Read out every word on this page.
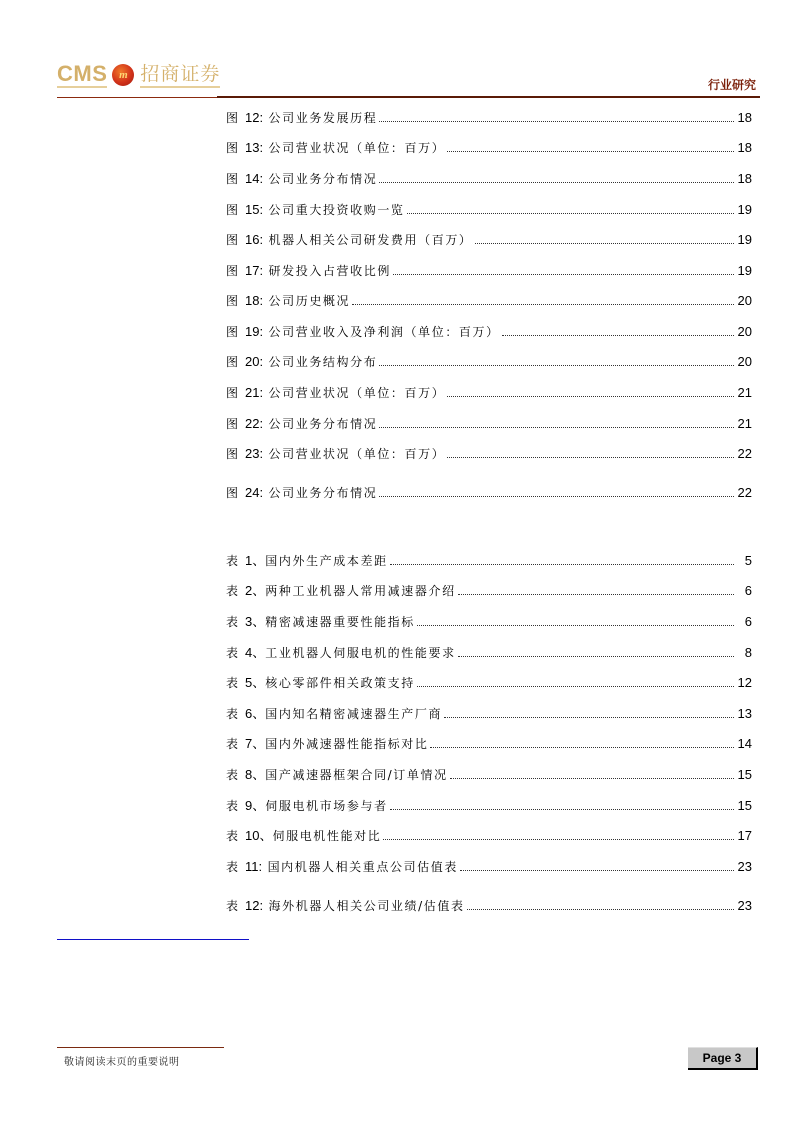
CMS	m 招商证券	行业研究
图 12: 公司业务发展历程	18
图 13: 公司营业状况（单位：百万）	18
图 14: 公司业务分布情况	18
图 15: 公司重大投资收购一览	19
图 16: 机器人相关公司研发费用（百万）	19
图 17: 研发投入占营收比例	19
图 18: 公司历史概况	20
图 19: 公司营业收入及净利润（单位：百万）	20
图 20: 公司业务结构分布	20
图 21: 公司营业状况（单位：百万）	21
图 22: 公司业务分布情况	21
图 23: 公司营业状况（单位：百万）	22
图 24: 公司业务分布情况	22
表 1、国内外生产成本差距	5
表 2、两种工业机器人常用减速器介绍	6
表 3、精密减速器重要性能指标	6
表 4、工业机器人伺服电机的性能要求	8
表 5、核心零部件相关政策支持	12
表 6、国内知名精密减速器生产厂商	13
表 7、国内外减速器性能指标对比	14
表 8、国产减速器框架合同/订单情况	15
表 9、伺服电机市场参与者	15
表 10、伺服电机性能对比	17
表 11: 国内机器人相关重点公司估值表	23
表 12: 海外机器人相关公司业绩/估值表	23
敬请阅读末页的重要说明	Page 3
